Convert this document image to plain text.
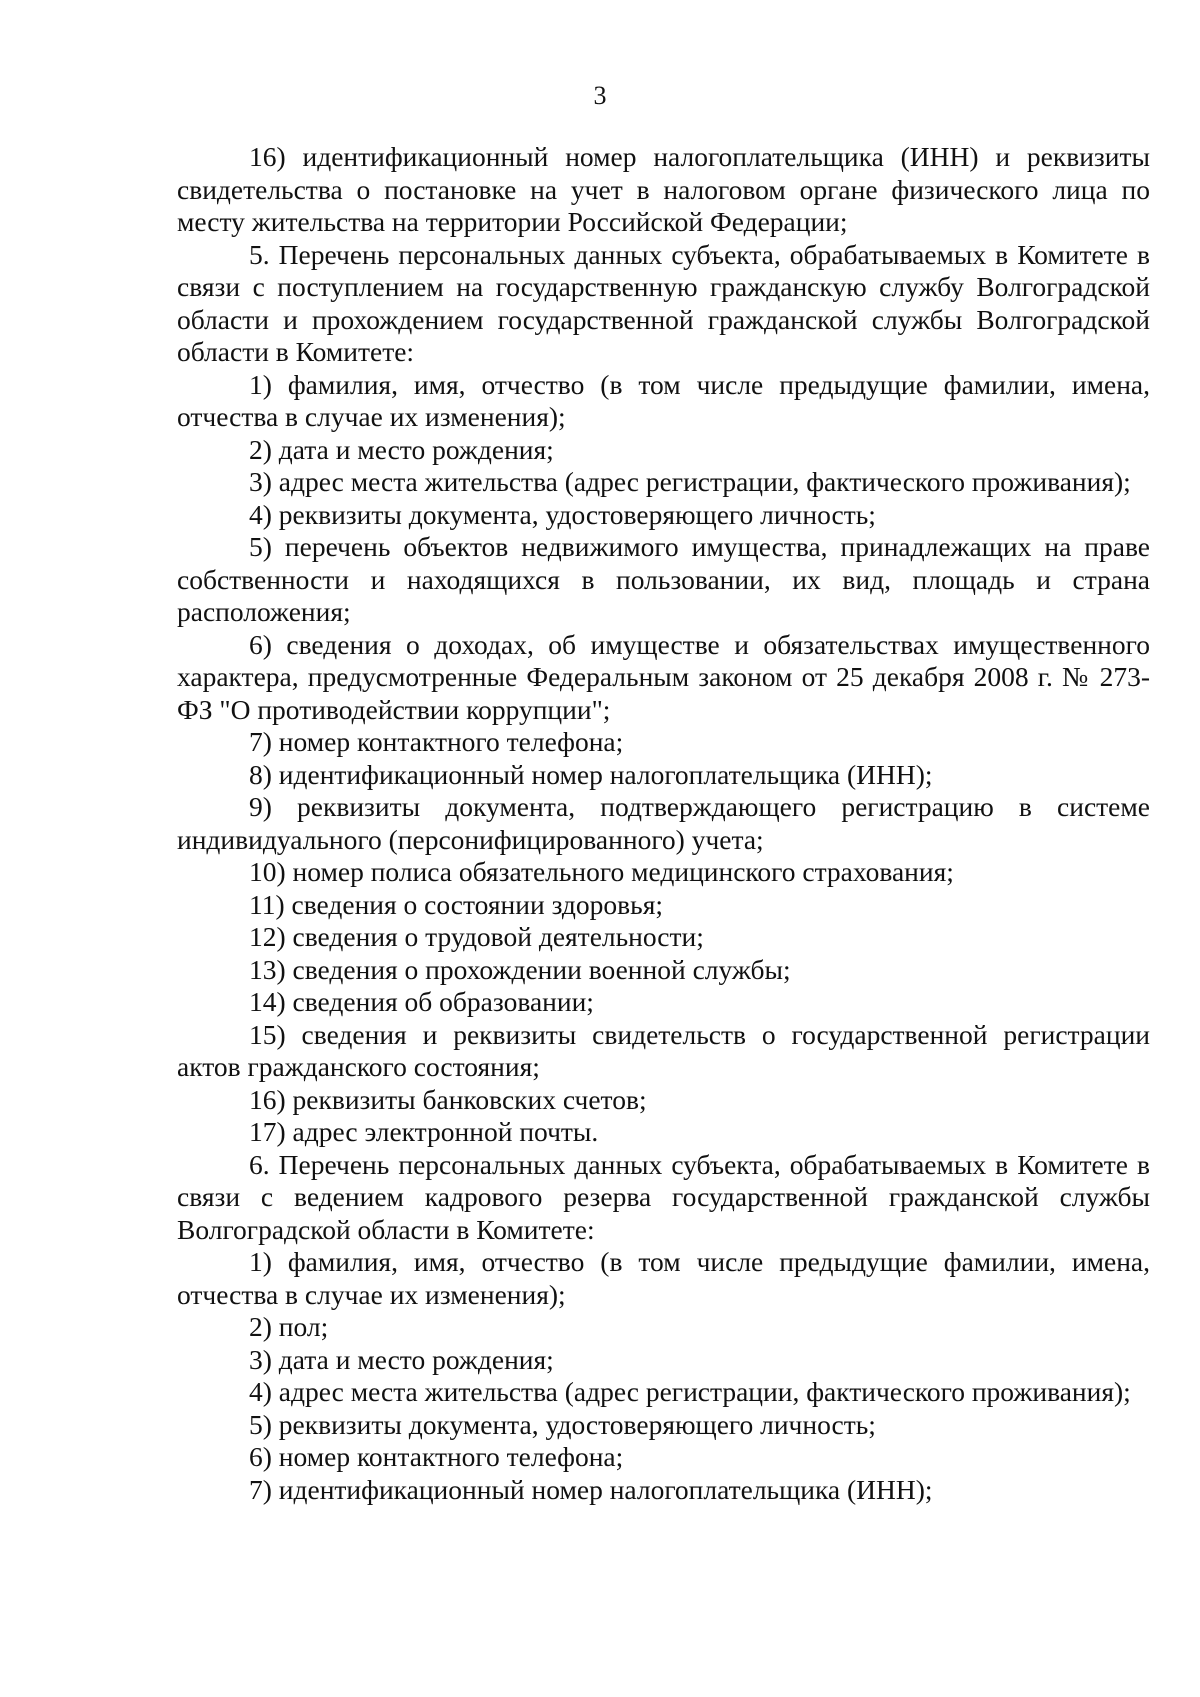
3

16) идентификационный номер налогоплательщика (ИНН) и реквизиты свидетельства о постановке на учет в налоговом органе физического лица по месту жительства на территории Российской Федерации;

5. Перечень персональных данных субъекта, обрабатываемых в Комитете в связи с поступлением на государственную гражданскую службу Волгоградской области и прохождением государственной гражданской службы Волгоградской области в Комитете:

1) фамилия, имя, отчество (в том числе предыдущие фамилии, имена, отчества в случае их изменения);

2) дата и место рождения;

3) адрес места жительства (адрес регистрации, фактического проживания);

4) реквизиты документа, удостоверяющего личность;

5) перечень объектов недвижимого имущества, принадлежащих на праве собственности и находящихся в пользовании, их вид, площадь и страна расположения;

6) сведения о доходах, об имуществе и обязательствах имущественного характера, предусмотренные Федеральным законом от 25 декабря 2008 г. № 273-ФЗ "О противодействии коррупции";

7) номер контактного телефона;

8) идентификационный номер налогоплательщика (ИНН);

9) реквизиты документа, подтверждающего регистрацию в системе индивидуального (персонифицированного) учета;

10) номер полиса обязательного медицинского страхования;

11) сведения о состоянии здоровья;

12) сведения о трудовой деятельности;

13) сведения о прохождении военной службы;

14) сведения об образовании;

15) сведения и реквизиты свидетельств о государственной регистрации актов гражданского состояния;

16) реквизиты банковских счетов;

17) адрес электронной почты.

6. Перечень персональных данных субъекта, обрабатываемых в Комитете в связи с ведением кадрового резерва государственной гражданской службы Волгоградской области в Комитете:

1) фамилия, имя, отчество (в том числе предыдущие фамилии, имена, отчества в случае их изменения);

2) пол;

3) дата и место рождения;

4) адрес места жительства (адрес регистрации, фактического проживания);

5) реквизиты документа, удостоверяющего личность;

6) номер контактного телефона;

7) идентификационный номер налогоплательщика (ИНН);
